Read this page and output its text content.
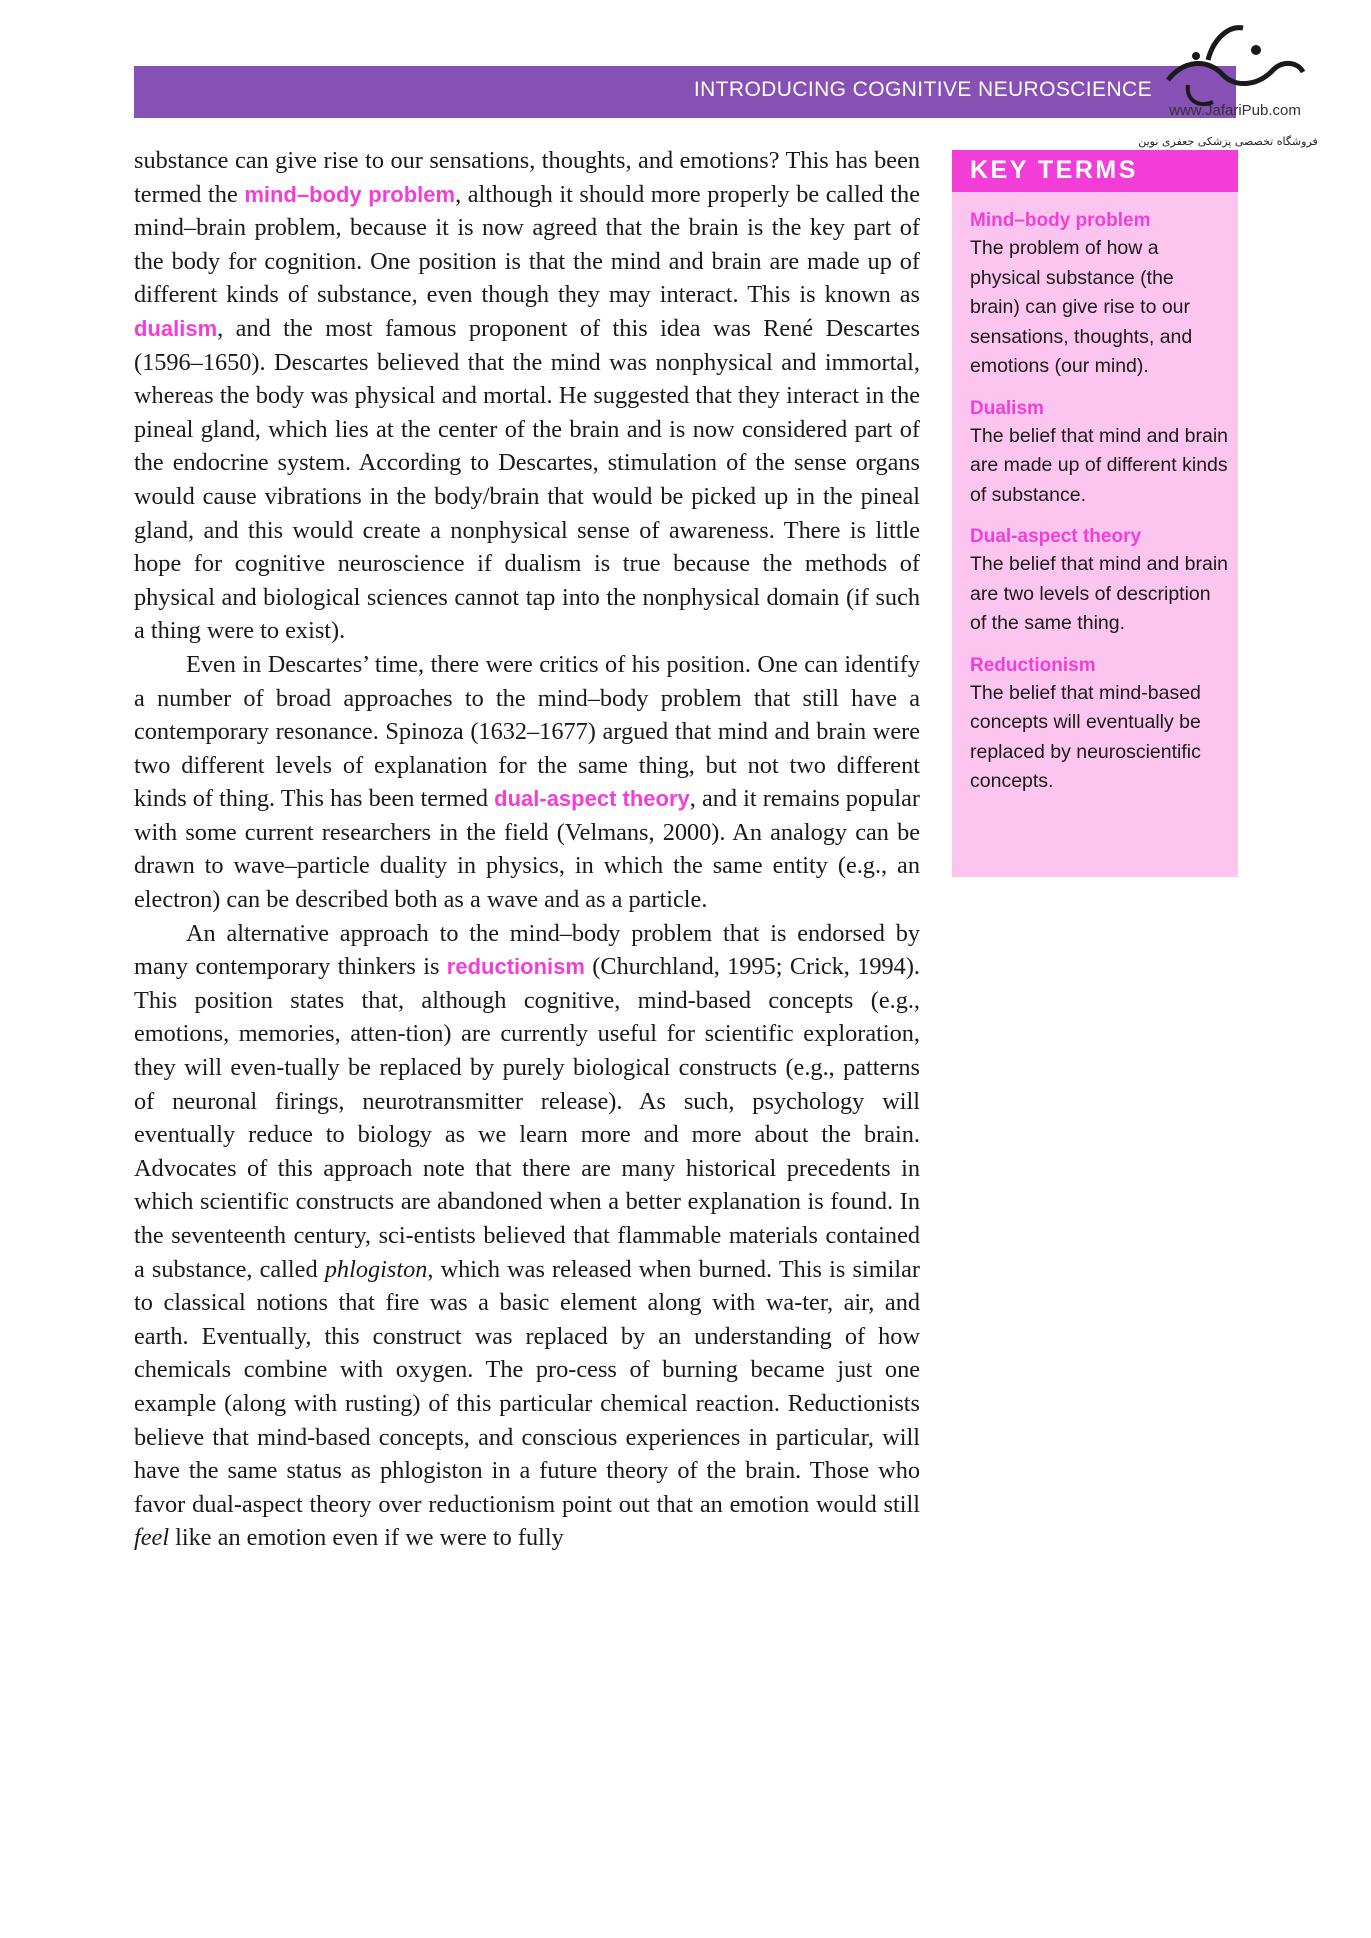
INTRODUCING COGNITIVE NEUROSCIENCE
www.JafariPub.com
فروشگاه تخصصی پزشکی جعفری نوین

substance can give rise to our sensations, thoughts, and emotions? This has been termed the mind–body problem, although it should more properly be called the mind–brain problem, because it is now agreed that the brain is the key part of the body for cognition. One position is that the mind and brain are made up of different kinds of substance, even though they may interact. This is known as dualism, and the most famous proponent of this idea was René Descartes (1596–1650). Descartes believed that the mind was nonphysical and immortal, whereas the body was physical and mortal. He suggested that they interact in the pineal gland, which lies at the center of the brain and is now considered part of the endocrine system. According to Descartes, stimulation of the sense organs would cause vibrations in the body/brain that would be picked up in the pineal gland, and this would create a nonphysical sense of awareness. There is little hope for cognitive neuroscience if dualism is true because the methods of physical and biological sciences cannot tap into the nonphysical domain (if such a thing were to exist).

Even in Descartes’ time, there were critics of his position. One can identify a number of broad approaches to the mind–body problem that still have a contemporary resonance. Spinoza (1632–1677) argued that mind and brain were two different levels of explanation for the same thing, but not two different kinds of thing. This has been termed dual-aspect theory, and it remains popular with some current researchers in the field (Velmans, 2000). An analogy can be drawn to wave–particle duality in physics, in which the same entity (e.g., an electron) can be described both as a wave and as a particle.

An alternative approach to the mind–body problem that is endorsed by many contemporary thinkers is reductionism (Churchland, 1995; Crick, 1994). This position states that, although cognitive, mind-based concepts (e.g., emotions, memories, atten-tion) are currently useful for scientific exploration, they will even-tually be replaced by purely biological constructs (e.g., patterns of neuronal firings, neurotransmitter release). As such, psychology will eventually reduce to biology as we learn more and more about the brain. Advocates of this approach note that there are many historical precedents in which scientific constructs are abandoned when a better explanation is found. In the seventeenth century, sci-entists believed that flammable materials contained a substance, called phlogiston, which was released when burned. This is similar to classical notions that fire was a basic element along with wa-ter, air, and earth. Eventually, this construct was replaced by an understanding of how chemicals combine with oxygen. The pro-cess of burning became just one example (along with rusting) of this particular chemical reaction. Reductionists believe that mind-based concepts, and conscious experiences in particular, will have the same status as phlogiston in a future theory of the brain. Those who favor dual-aspect theory over reductionism point out that an emotion would still feel like an emotion even if we were to fully

KEY TERMS
Mind–body problem
The problem of how a physical substance (the brain) can give rise to our sensations, thoughts, and emotions (our mind).
Dualism
The belief that mind and brain are made up of different kinds of substance.
Dual-aspect theory
The belief that mind and brain are two levels of description of the same thing.
Reductionism
The belief that mind-based concepts will eventually be replaced by neuroscientific concepts.
